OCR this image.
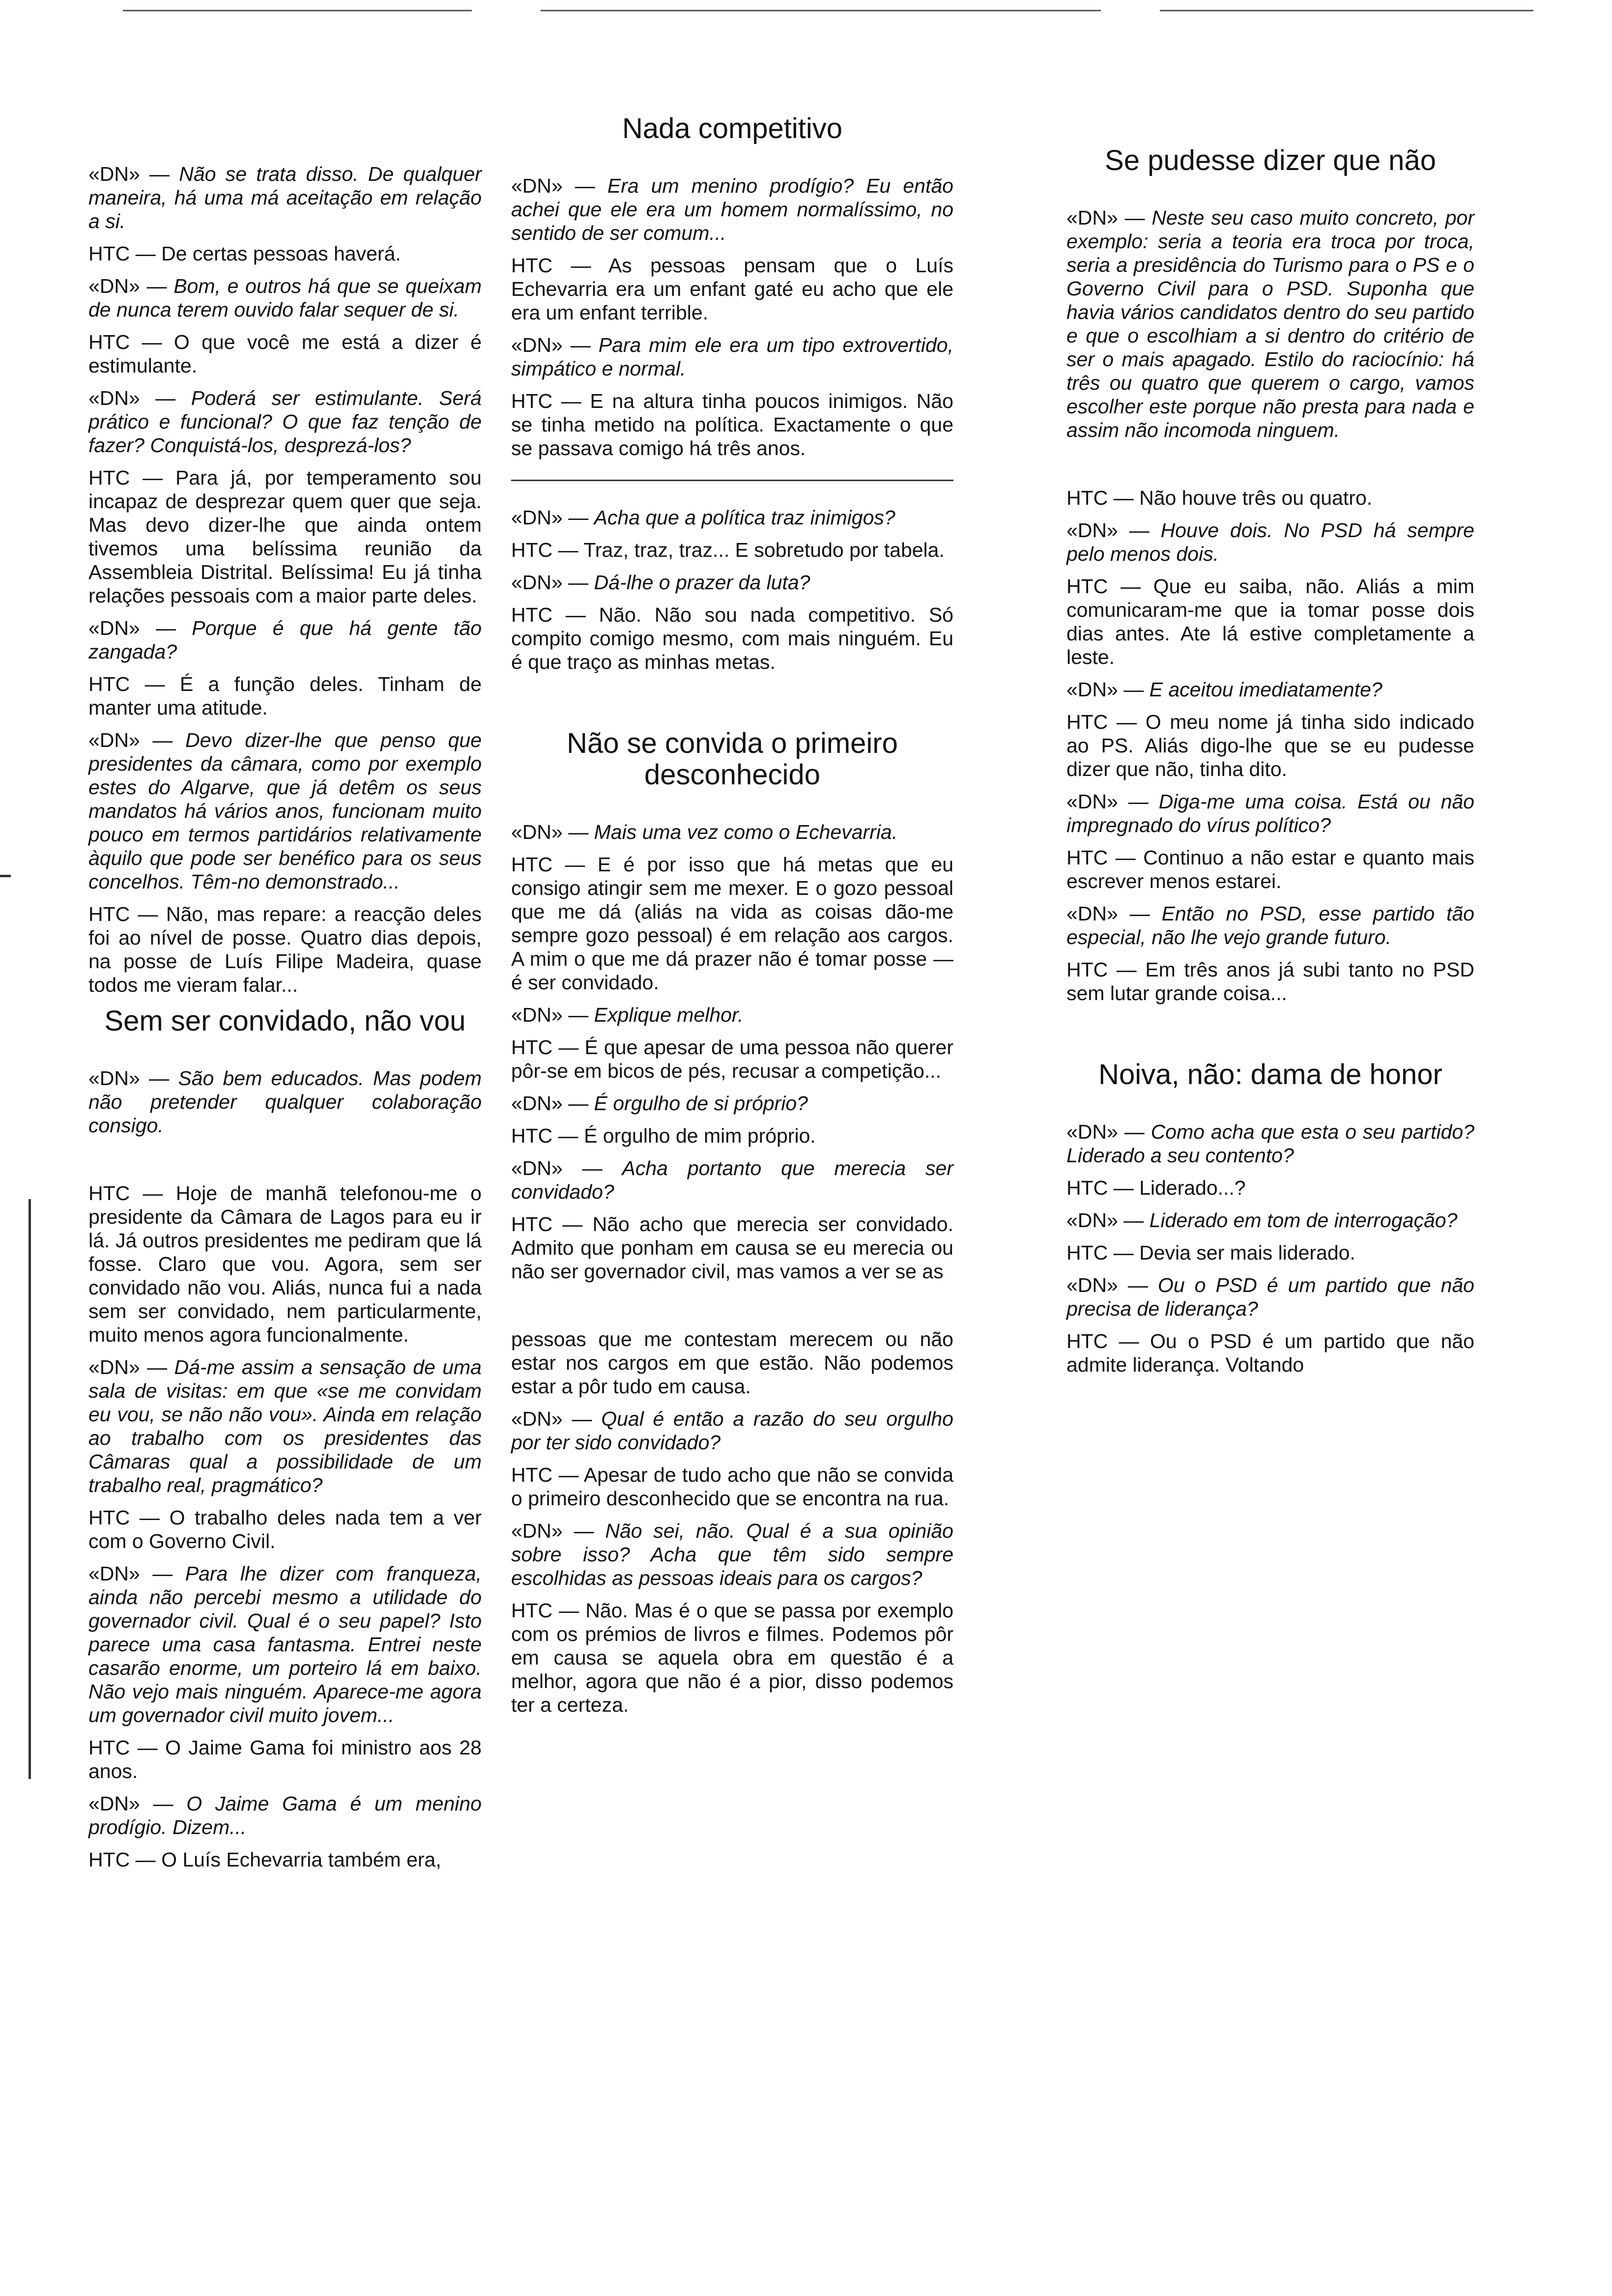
«DN» — Não se trata disso. De qualquer maneira, há uma má aceitação em relação a si.

HTC — De certas pessoas haverá.

«DN» — Bom, e outros há que se queixam de nunca terem ouvido falar sequer de si.

HTC — O que você me está a dizer é estimulante.

«DN» — Poderá ser estimulante. Será prático e funcional? O que faz tenção de fazer? Conquistá-los, desprezá-los?

HTC — Para já, por temperamento sou incapaz de desprezar quem quer que seja. Mas devo dizer-lhe que ainda ontem tivemos uma belíssima reunião da Assembleia Distrital. Belíssima! Eu já tinha relações pessoais com a maior parte deles.

«DN» — Porque é que há gente tão zangada?

HTC — É a função deles. Tinham de manter uma atitude.

«DN» — Devo dizer-lhe que penso que presidentes da câmara, como por exemplo estes do Algarve, que já detêm os seus mandatos há vários anos, funcionam muito pouco em termos partidários relativamente àquilo que pode ser benéfico para os seus concelhos. Têm-no demonstrado...

HTC — Não, mas repare: a reacção deles foi ao nível de posse. Quatro dias depois, na posse de Luís Filipe Madeira, quase todos me vieram falar...

Sem ser convidado, não vou

«DN» — São bem educados. Mas podem não pretender qualquer colaboração consigo.

HTC — Hoje de manhã telefonou-me o presidente da Câmara de Lagos para eu ir lá. Já outros presidentes me pediram que lá fosse. Claro que vou. Agora, sem ser convidado não vou. Aliás, nunca fui a nada sem ser convidado, nem particularmente, muito menos agora funcionalmente.

«DN» — Dá-me assim a sensação de uma sala de visitas: em que «se me convidam eu vou, se não não vou». Ainda em relação ao trabalho com os presidentes das Câmaras qual a possibilidade de um trabalho real, pragmático?

HTC — O trabalho deles nada tem a ver com o Governo Civil.

«DN» — Para lhe dizer com franqueza, ainda não percebi mesmo a utilidade do governador civil. Qual é o seu papel? Isto parece uma casa fantasma. Entrei neste casarão enorme, um porteiro lá em baixo. Não vejo mais ninguém. Aparece-me agora um governador civil muito jovem...

HTC — O Jaime Gama foi ministro aos 28 anos.

«DN» — O Jaime Gama é um menino prodígio. Dizem...

HTC — O Luís Echevarria também era,

Nada competitivo

«DN» — Era um menino prodígio? Eu então achei que ele era um homem normalíssimo, no sentido de ser comum...

HTC — As pessoas pensam que o Luís Echevarria era um enfant gaté eu acho que ele era um enfant terrible.

«DN» — Para mim ele era um tipo extrovertido, simpático e normal.

HTC — E na altura tinha poucos inimigos. Não se tinha metido na política. Exactamente o que se passava comigo há três anos.

«DN» — Acha que a política traz inimigos?

HTC — Traz, traz, traz... E sobretudo por tabela.

«DN» — Dá-lhe o prazer da luta?

HTC — Não. Não sou nada competitivo. Só compito comigo mesmo, com mais ninguém. Eu é que traço as minhas metas.

Não se convida o primeiro desconhecido

«DN» — Mais uma vez como o Echevarria.

HTC — E é por isso que há metas que eu consigo atingir sem me mexer. E o gozo pessoal que me dá (aliás na vida as coisas dão-me sempre gozo pessoal) é em relação aos cargos. A mim o que me dá prazer não é tomar posse — é ser convidado.

«DN» — Explique melhor.

HTC — É que apesar de uma pessoa não querer pôr-se em bicos de pés, recusar a competição...

«DN» — É orgulho de si próprio?

HTC — É orgulho de mim próprio.

«DN» — Acha portanto que merecia ser convidado?

HTC — Não acho que merecia ser convidado. Admito que ponham em causa se eu merecia ou não ser governador civil, mas vamos a ver se as

pessoas que me contestam merecem ou não estar nos cargos em que estão. Não podemos estar a pôr tudo em causa.

«DN» — Qual é então a razão do seu orgulho por ter sido convidado?

HTC — Apesar de tudo acho que não se convida o primeiro desconhecido que se encontra na rua.

«DN» — Não sei, não. Qual é a sua opinião sobre isso? Acha que têm sido sempre escolhidas as pessoas ideais para os cargos?

HTC — Não. Mas é o que se passa por exemplo com os prémios de livros e filmes. Podemos pôr em causa se aquela obra em questão é a melhor, agora que não é a pior, disso podemos ter a certeza.

Se pudesse dizer que não

«DN» — Neste seu caso muito concreto, por exemplo: seria a teoria era troca por troca, seria a presidência do Turismo para o PS e o Governo Civil para o PSD. Suponha que havia vários candidatos dentro do seu partido e que o escolhiam a si dentro do critério de ser o mais apagado. Estilo do raciocínio: há três ou quatro que querem o cargo, vamos escolher este porque não presta para nada e assim não incomoda ninguem.

HTC — Não houve três ou quatro.

«DN» — Houve dois. No PSD há sempre pelo menos dois.

HTC — Que eu saiba, não. Aliás a mim comunicaram-me que ia tomar posse dois dias antes. Ate lá estive completamente a leste.

«DN» — E aceitou imediatamente?

HTC — O meu nome já tinha sido indicado ao PS. Aliás digo-lhe que se eu pudesse dizer que não, tinha dito.

«DN» — Diga-me uma coisa. Está ou não impregnado do vírus político?

HTC — Continuo a não estar e quanto mais escrever menos estarei.

«DN» — Então no PSD, esse partido tão especial, não lhe vejo grande futuro.

HTC — Em três anos já subi tanto no PSD sem lutar grande coisa...

Noiva, não: dama de honor

«DN» — Como acha que esta o seu partido? Liderado a seu contento?

HTC — Liderado...?

«DN» — Liderado em tom de interrogação?

HTC — Devia ser mais liderado.

«DN» — Ou o PSD é um partido que não precisa de liderança?

HTC — Ou o PSD é um partido que não admite liderança. Voltando
